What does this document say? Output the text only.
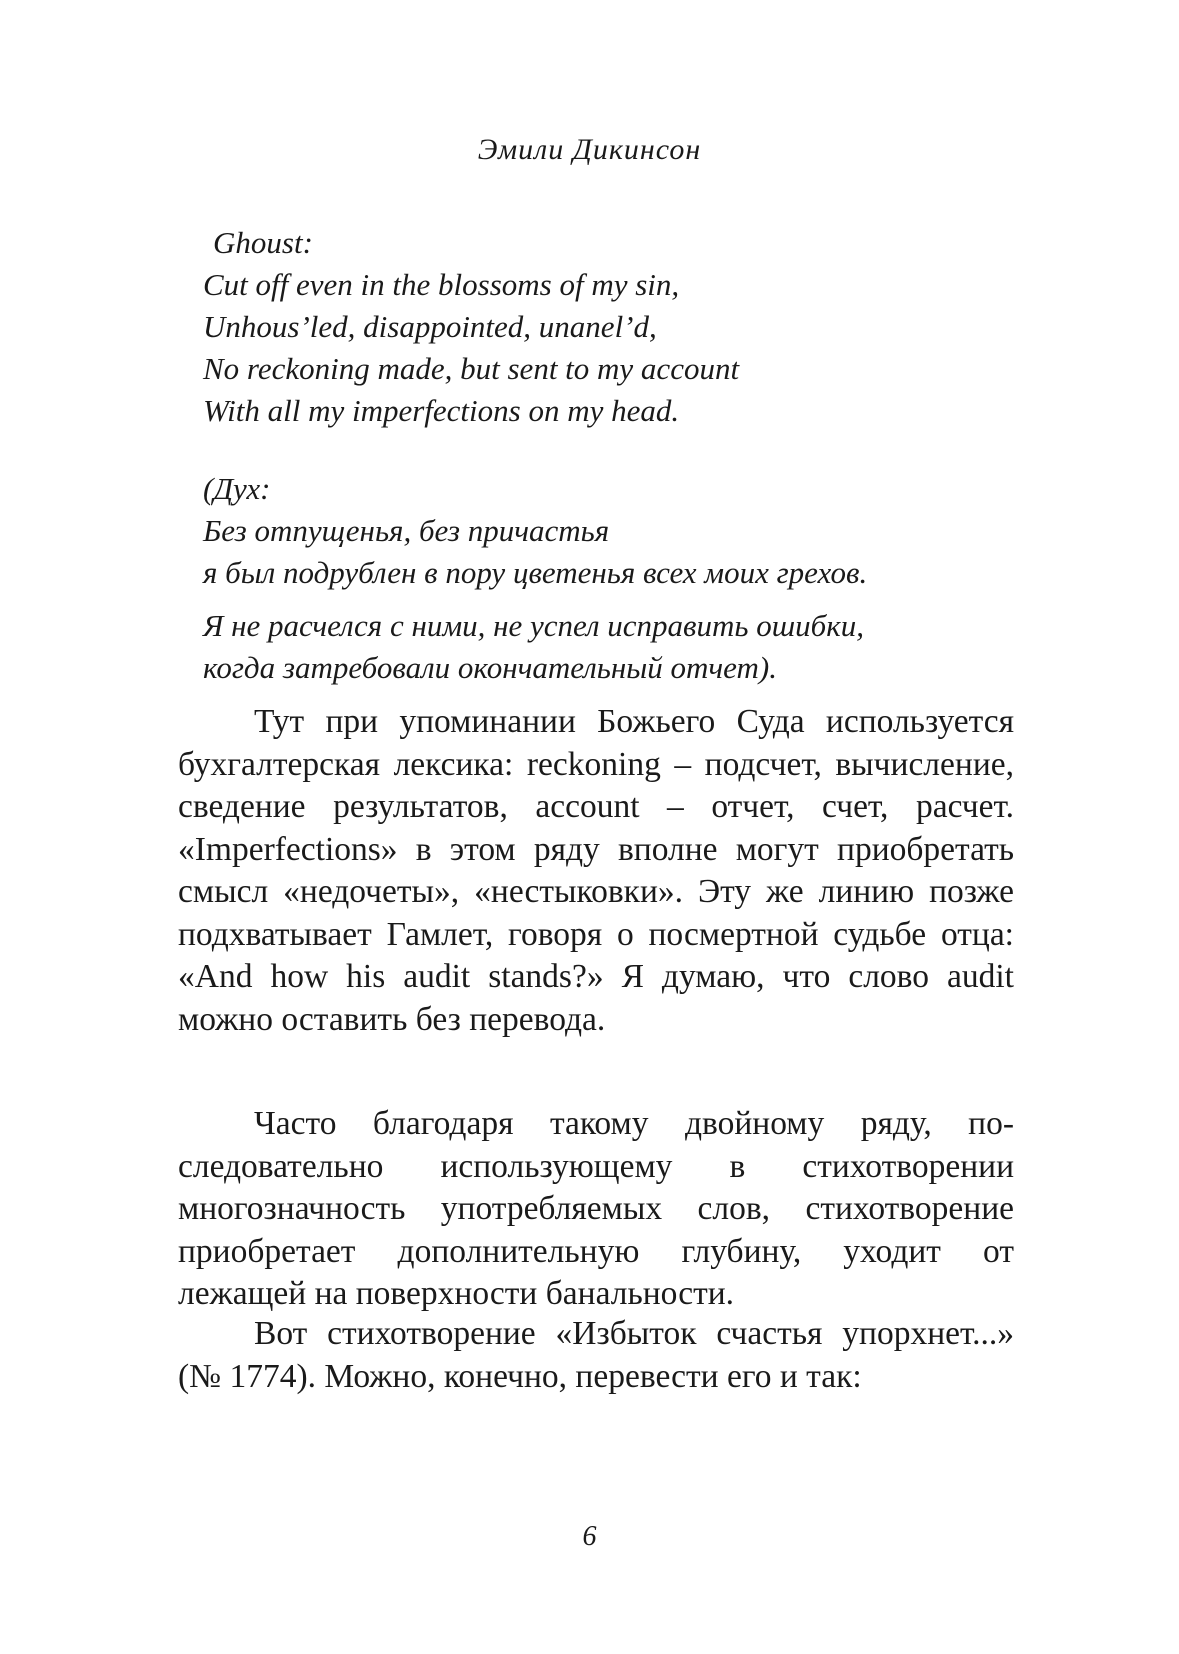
Эмили Дикинсон
Ghoust:
Cut off even in the blossoms of my sin,
Unhous’led, disappointed, unanel’d,
No reckoning made, but sent to my account
With all my imperfections on my head.
(Дух:
Без отпущенья, без причастья
я был подрублен в пору цветенья всех моих грехов.
Я не расчелся с ними, не успел исправить ошибки,
когда затребовали окончательный отчет).

Тут при упоминании Божьего Суда используется бухгалтерская лексика: reckoning – подсчет, вычисление, сведение результатов, account – отчет, счет, расчет. «Imperfections» в этом ряду вполне могут приобретать смысл «недочеты», «нестыковки». Эту же линию позже подхватывает Гамлет, говоря о посмертной судьбе отца: «And how his audit stands?» Я думаю, что слово audit можно оставить без перевода.

Часто благодаря такому двойному ряду, последовательно использующему в стихотворении многозначность употребляемых слов, стихотворение приобретает дополнительную глубину, уходит от лежащей на поверхности банальности.

Вот стихотворение «Избыток счастья упорхнет...» (№ 1774). Можно, конечно, перевести его и так:

6
